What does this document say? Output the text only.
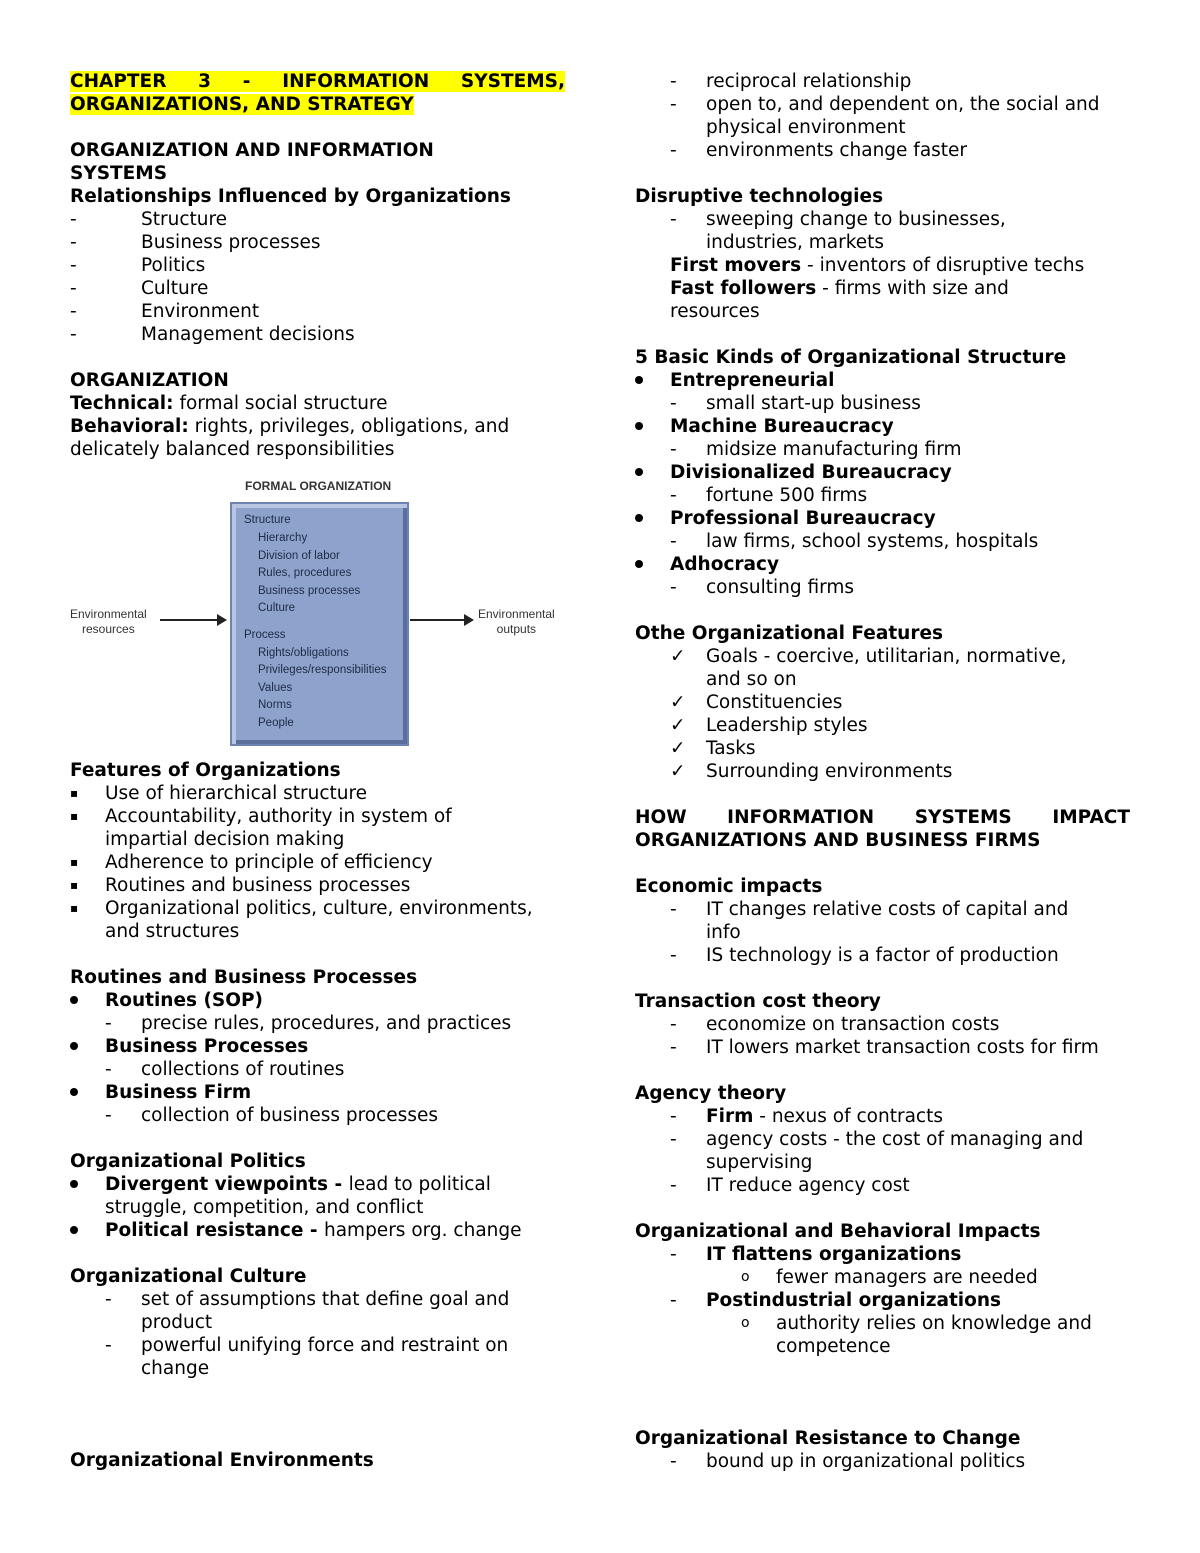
CHAPTER 3 - INFORMATION SYSTEMS,
ORGANIZATIONS, AND STRATEGY
ORGANIZATION AND INFORMATION
SYSTEMS
Relationships Influenced by Organizations
-	Structure
-	Business processes
-	Politics
-	Culture
-	Environment
-	Management decisions
ORGANIZATION
Technical: formal social structure
Behavioral: rights, privileges, obligations, and
delicately balanced responsibilities
FORMAL ORGANIZATION
Environmental
resources
Structure
Hierarchy
Division of labor
Rules, procedures
Business processes
Culture
Process
Rights/obligations
Privileges/responsibilities
Values
Norms
People
Environmental
outputs
Features of Organizations
▪	Use of hierarchical structure
▪	Accountability, authority in system of
impartial decision making
▪	Adherence to principle of efficiency
▪	Routines and business processes
▪	Organizational politics, culture, environments,
and structures
Routines and Business Processes
Routines (SOP)
-	precise rules, procedures, and practices
Business Processes
-	collections of routines
Business Firm
-	collection of business processes
Organizational Politics
Divergent viewpoints - lead to political
struggle, competition, and conflict
Political resistance - hampers org. change
Organizational Culture
-	set of assumptions that define goal and
product
-	powerful unifying force and restraint on
change
Organizational Environments
-	reciprocal relationship
-	open to, and dependent on, the social and
physical environment
-	environments change faster
Disruptive technologies
-	sweeping change to businesses,
industries, markets
First movers - inventors of disruptive techs
Fast followers - firms with size and
resources
5 Basic Kinds of Organizational Structure
Entrepreneurial
-	small start-up business
Machine Bureaucracy
-	midsize manufacturing firm
Divisionalized Bureaucracy
-	fortune 500 firms
Professional Bureaucracy
-	law firms, school systems, hospitals
Adhocracy
-	consulting firms
Othe Organizational Features
✓	Goals - coercive, utilitarian, normative,
and so on
✓	Constituencies
✓	Leadership styles
✓	Tasks
✓	Surrounding environments
HOW INFORMATION SYSTEMS IMPACT
ORGANIZATIONS AND BUSINESS FIRMS
Economic impacts
-	IT changes relative costs of capital and
info
-	IS technology is a factor of production
Transaction cost theory
-	economize on transaction costs
-	IT lowers market transaction costs for firm
Agency theory
-	Firm - nexus of contracts
-	agency costs - the cost of managing and
supervising
-	IT reduce agency cost
Organizational and Behavioral Impacts
-	IT flattens organizations
o	fewer managers are needed
-	Postindustrial organizations
o	authority relies on knowledge and
competence
Organizational Resistance to Change
-	bound up in organizational politics
